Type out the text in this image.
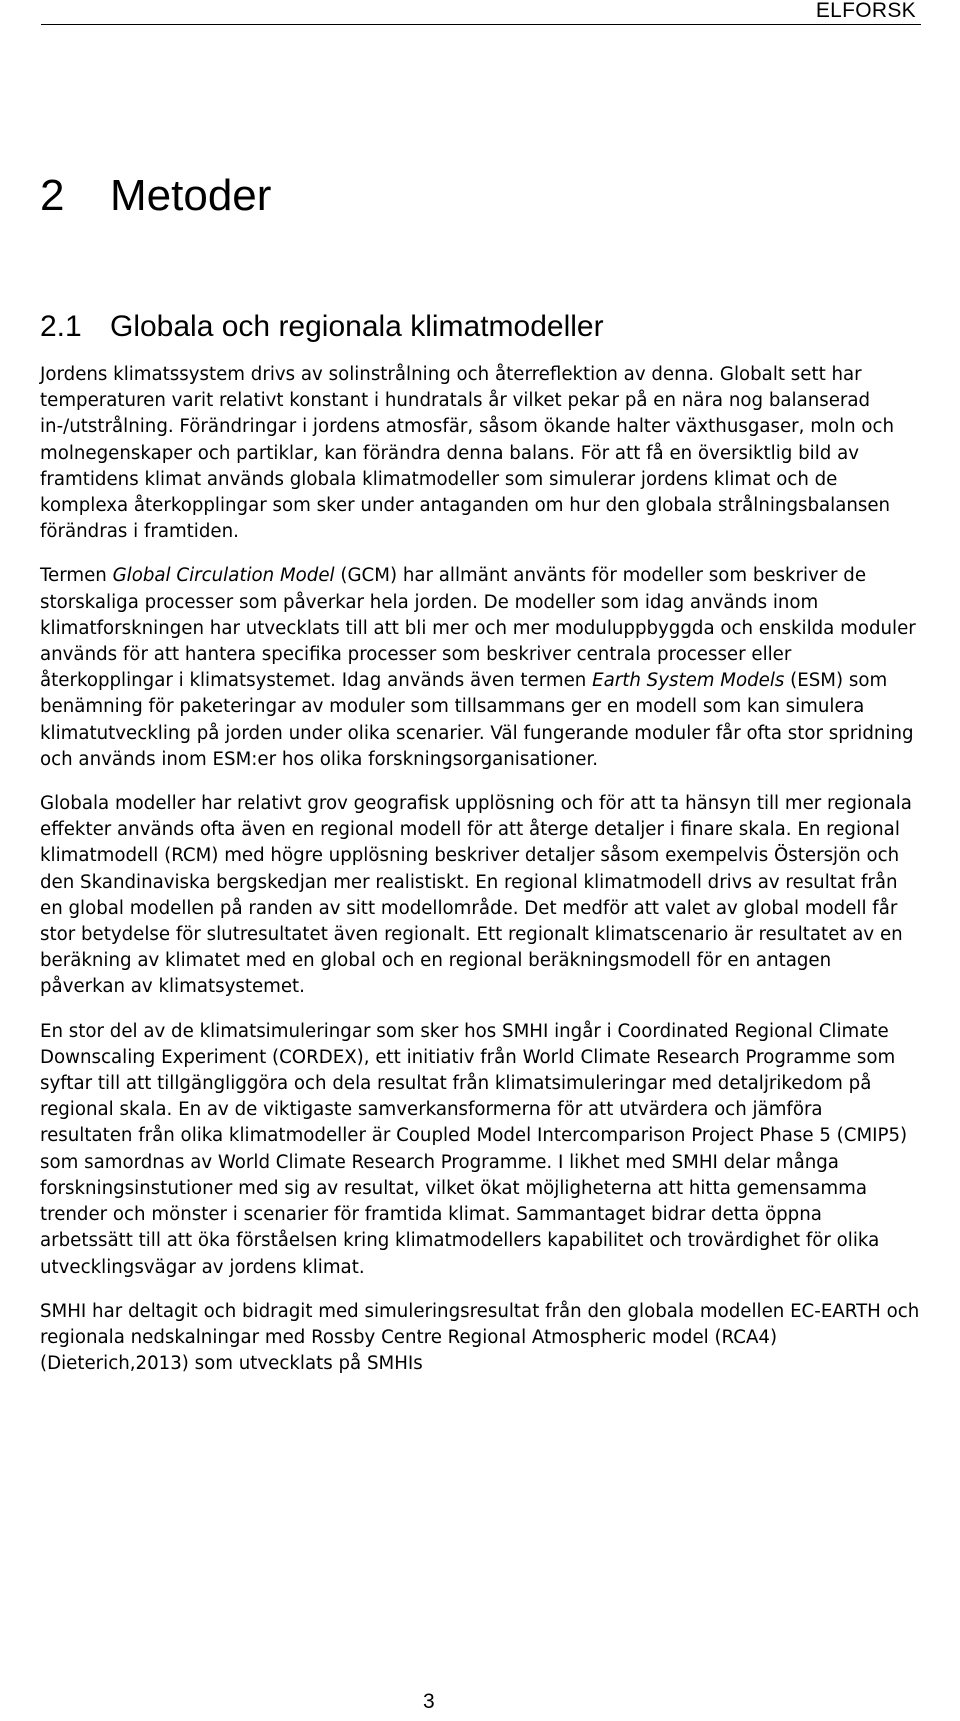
ELFORSK
2 Metoder
2.1 Globala och regionala klimatmodeller

Jordens klimatssystem drivs av solinstrålning och återreflektion av denna. Globalt sett har temperaturen varit relativt konstant i hundratals år vilket pekar på en nära nog balanserad in-/utstrålning. Förändringar i jordens atmosfär, såsom ökande halter växthusgaser, moln och molnegenskaper och partiklar, kan förändra denna balans. För att få en översiktlig bild av framtidens klimat används globala klimatmodeller som simulerar jordens klimat och de komplexa återkopplingar som sker under antaganden om hur den globala strålningsbalansen förändras i framtiden.

Termen Global Circulation Model (GCM) har allmänt använts för modeller som beskriver de storskaliga processer som påverkar hela jorden. De modeller som idag används inom klimatforskningen har utvecklats till att bli mer och mer moduluppbyggda och enskilda moduler används för att hantera specifika processer som beskriver centrala processer eller återkopplingar i klimatsystemet. Idag används även termen Earth System Models (ESM) som benämning för paketeringar av moduler som tillsammans ger en modell som kan simulera klimatutveckling på jorden under olika scenarier. Väl fungerande moduler får ofta stor spridning och används inom ESM:er hos olika forskningsorganisationer.

Globala modeller har relativt grov geografisk upplösning och för att ta hänsyn till mer regionala effekter används ofta även en regional modell för att återge detaljer i finare skala. En regional klimatmodell (RCM) med högre upplösning beskriver detaljer såsom exempelvis Östersjön och den Skandinaviska bergskedjan mer realistiskt. En regional klimatmodell drivs av resultat från en global modellen på randen av sitt modellområde. Det medför att valet av global modell får stor betydelse för slutresultatet även regionalt. Ett regionalt klimatscenario är resultatet av en beräkning av klimatet med en global och en regional beräkningsmodell för en antagen påverkan av klimatsystemet.

En stor del av de klimatsimuleringar som sker hos SMHI ingår i Coordinated Regional Climate Downscaling Experiment (CORDEX), ett initiativ från World Climate Research Programme som syftar till att tillgängliggöra och dela resultat från klimatsimuleringar med detaljrikedom på regional skala. En av de viktigaste samverkansformerna för att utvärdera och jämföra resultaten från olika klimatmodeller är Coupled Model Intercomparison Project Phase 5 (CMIP5) som samordnas av World Climate Research Programme. I likhet med SMHI delar många forskningsinstutioner med sig av resultat, vilket ökat möjligheterna att hitta gemensamma trender och mönster i scenarier för framtida klimat. Sammantaget bidrar detta öppna arbetssätt till att öka förståelsen kring klimatmodellers kapabilitet och trovärdighet för olika utvecklingsvägar av jordens klimat.

SMHI har deltagit och bidragit med simuleringsresultat från den globala modellen EC-EARTH och regionala nedskalningar med Rossby Centre Regional Atmospheric model (RCA4) (Dieterich,2013) som utvecklats på SMHIs

3
